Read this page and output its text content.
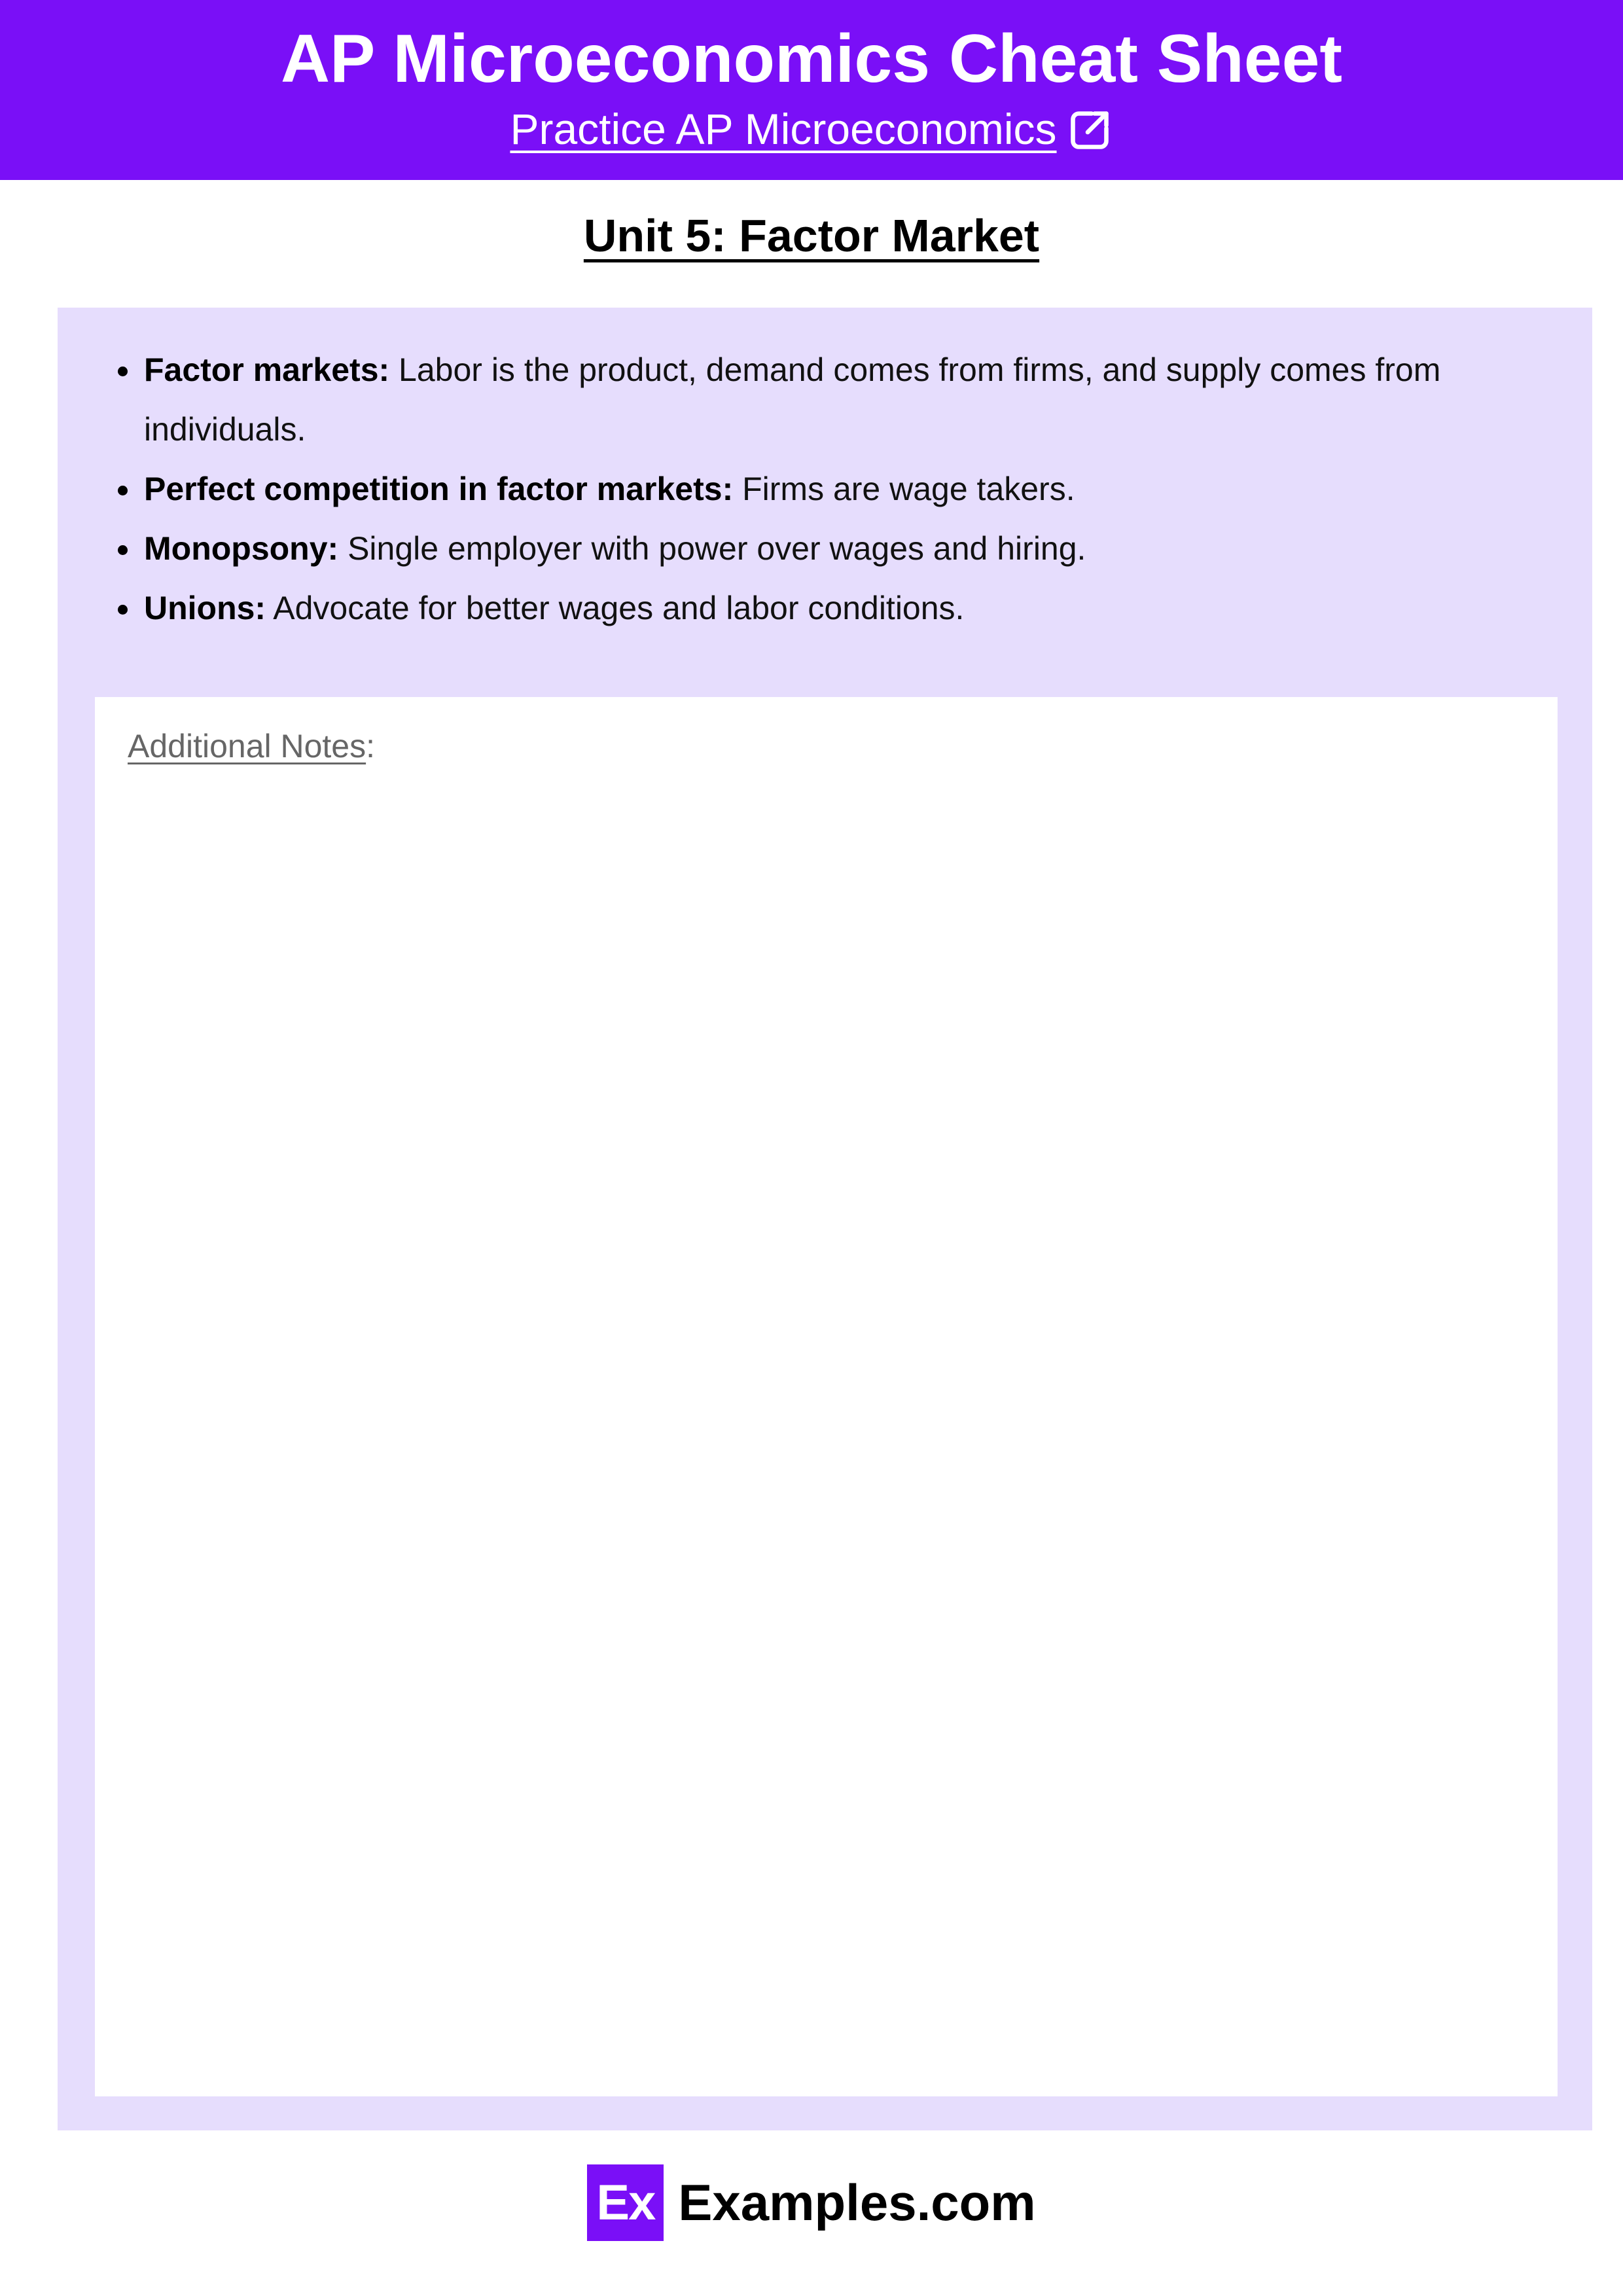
AP Microeconomics Cheat Sheet
Practice AP Microeconomics
Unit 5: Factor Market
Factor markets: Labor is the product, demand comes from firms, and supply comes from individuals.
Perfect competition in factor markets: Firms are wage takers.
Monopsony: Single employer with power over wages and hiring.
Unions: Advocate for better wages and labor conditions.
Additional Notes:
Ex Examples.com
